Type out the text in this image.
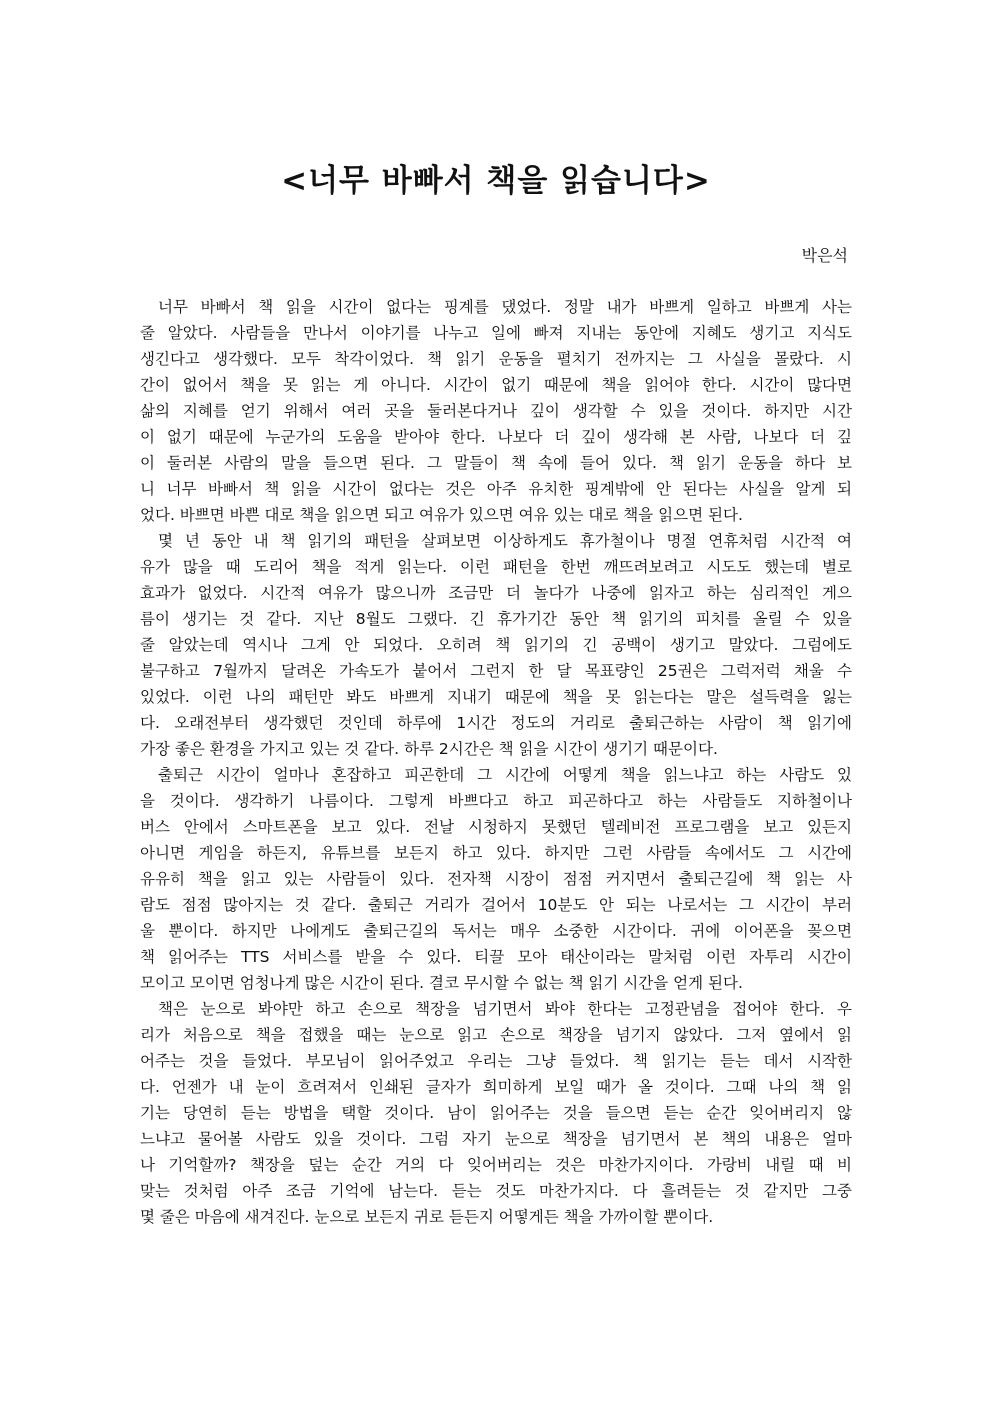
<너무 바빠서 책을 읽습니다>
박은석
너무 바빠서 책 읽을 시간이 없다는 핑계를 댔었다. 정말 내가 바쁘게 일하고 바쁘게 사는
줄 알았다. 사람들을 만나서 이야기를 나누고 일에 빠져 지내는 동안에 지혜도 생기고 지식도
생긴다고 생각했다. 모두 착각이었다. 책 읽기 운동을 펼치기 전까지는 그 사실을 몰랐다. 시
간이 없어서 책을 못 읽는 게 아니다. 시간이 없기 때문에 책을 읽어야 한다. 시간이 많다면
삶의 지혜를 얻기 위해서 여러 곳을 둘러본다거나 깊이 생각할 수 있을 것이다. 하지만 시간
이 없기 때문에 누군가의 도움을 받아야 한다. 나보다 더 깊이 생각해 본 사람, 나보다 더 깊
이 둘러본 사람의 말을 들으면 된다. 그 말들이 책 속에 들어 있다. 책 읽기 운동을 하다 보
니 너무 바빠서 책 읽을 시간이 없다는 것은 아주 유치한 핑계밖에 안 된다는 사실을 알게 되
었다. 바쁘면 바쁜 대로 책을 읽으면 되고 여유가 있으면 여유 있는 대로 책을 읽으면 된다.
몇 년 동안 내 책 읽기의 패턴을 살펴보면 이상하게도 휴가철이나 명절 연휴처럼 시간적 여
유가 많을 때 도리어 책을 적게 읽는다. 이런 패턴을 한번 깨뜨려보려고 시도도 했는데 별로
효과가 없었다. 시간적 여유가 많으니까 조금만 더 놀다가 나중에 읽자고 하는 심리적인 게으
름이 생기는 것 같다. 지난 8월도 그랬다. 긴 휴가기간 동안 책 읽기의 피치를 올릴 수 있을
줄 알았는데 역시나 그게 안 되었다. 오히려 책 읽기의 긴 공백이 생기고 말았다. 그럼에도
불구하고 7월까지 달려온 가속도가 붙어서 그런지 한 달 목표량인 25권은 그럭저럭 채울 수
있었다. 이런 나의 패턴만 봐도 바쁘게 지내기 때문에 책을 못 읽는다는 말은 설득력을 잃는
다. 오래전부터 생각했던 것인데 하루에 1시간 정도의 거리로 출퇴근하는 사람이 책 읽기에
가장 좋은 환경을 가지고 있는 것 같다. 하루 2시간은 책 읽을 시간이 생기기 때문이다.
출퇴근 시간이 얼마나 혼잡하고 피곤한데 그 시간에 어떻게 책을 읽느냐고 하는 사람도 있
을 것이다. 생각하기 나름이다. 그렇게 바쁘다고 하고 피곤하다고 하는 사람들도 지하철이나
버스 안에서 스마트폰을 보고 있다. 전날 시청하지 못했던 텔레비전 프로그램을 보고 있든지
아니면 게임을 하든지, 유튜브를 보든지 하고 있다. 하지만 그런 사람들 속에서도 그 시간에
유유히 책을 읽고 있는 사람들이 있다. 전자책 시장이 점점 커지면서 출퇴근길에 책 읽는 사
람도 점점 많아지는 것 같다. 출퇴근 거리가 걸어서 10분도 안 되는 나로서는 그 시간이 부러
울 뿐이다. 하지만 나에게도 출퇴근길의 독서는 매우 소중한 시간이다. 귀에 이어폰을 꽂으면
책 읽어주는 TTS 서비스를 받을 수 있다. 티끌 모아 태산이라는 말처럼 이런 자투리 시간이
모이고 모이면 엄청나게 많은 시간이 된다. 결코 무시할 수 없는 책 읽기 시간을 얻게 된다.
책은 눈으로 봐야만 하고 손으로 책장을 넘기면서 봐야 한다는 고정관념을 접어야 한다. 우
리가 처음으로 책을 접했을 때는 눈으로 읽고 손으로 책장을 넘기지 않았다. 그저 옆에서 읽
어주는 것을 들었다. 부모님이 읽어주었고 우리는 그냥 들었다. 책 읽기는 듣는 데서 시작한
다. 언젠가 내 눈이 흐려져서 인쇄된 글자가 희미하게 보일 때가 올 것이다. 그때 나의 책 읽
기는 당연히 듣는 방법을 택할 것이다. 남이 읽어주는 것을 들으면 듣는 순간 잊어버리지 않
느냐고 물어볼 사람도 있을 것이다. 그럼 자기 눈으로 책장을 넘기면서 본 책의 내용은 얼마
나 기억할까? 책장을 덮는 순간 거의 다 잊어버리는 것은 마찬가지이다. 가랑비 내릴 때 비
맞는 것처럼 아주 조금 기억에 남는다. 듣는 것도 마찬가지다. 다 흘려듣는 것 같지만 그중
몇 줄은 마음에 새겨진다. 눈으로 보든지 귀로 듣든지 어떻게든 책을 가까이할 뿐이다.
